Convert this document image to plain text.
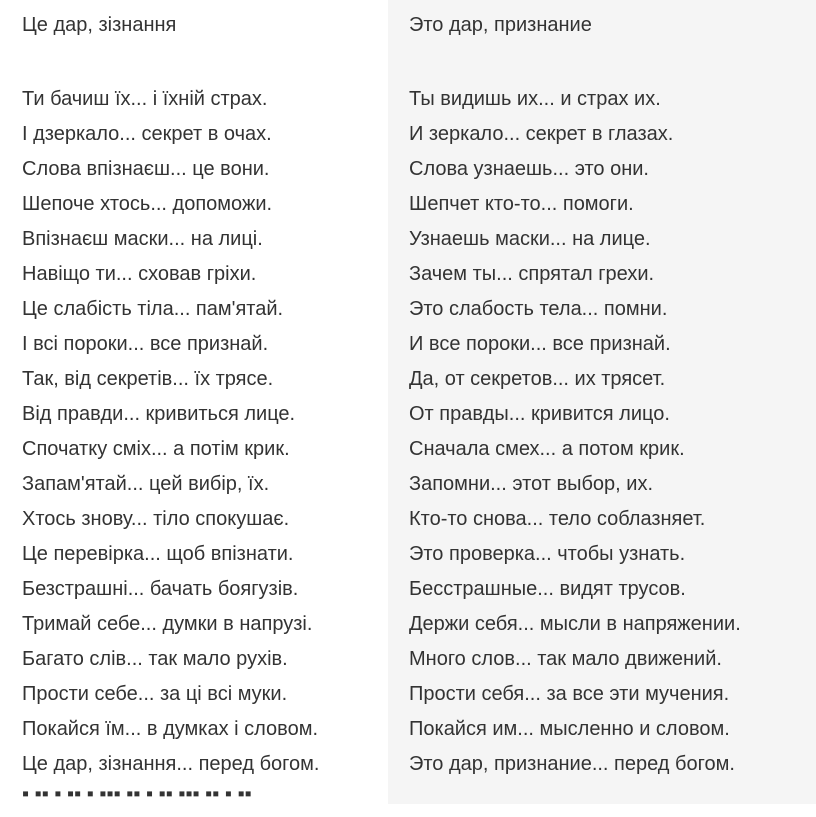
Це дар, зізнання
Ти бачиш їх... і їхній страх.
І дзеркало... секрет в очах.
Слова впізнаєш... це вони.
Шепоче хтось... допоможи.
Впізнаєш маски... на лиці.
Навіщо ти... сховав гріхи.
Це слабість тіла... пам'ятай.
І всі пороки... все признай.
Так, від секретів... їх трясе.
Від правди... кривиться лице.
Спочатку сміх... а потім крик.
Запам'ятай... цей вибір, їх.
Хтось знову... тіло спокушає.
Це перевірка... щоб впізнати.
Безстрашні... бачать боягузів.
Тримай себе... думки в напрузі.
Багато слів... так мало рухів.
Прости себе... за ці всі муки.
Покайся їм... в думках і словом.
Це дар, зізнання... перед богом.
Это дар, признание
Ты видишь их... и страх их.
И зеркало... секрет в глазах.
Слова узнаешь... это они.
Шепчет кто-то... помоги.
Узнаешь маски... на лице.
Зачем ты... спрятал грехи.
Это слабость тела... помни.
И все пороки... все признай.
Да, от секретов... их трясет.
От правды... кривится лицо.
Сначала смех... а потом крик.
Запомни... этот выбор, их.
Кто-то снова... тело соблазняет.
Это проверка... чтобы узнать.
Бесстрашные... видят трусов.
Держи себя... мысли в напряжении.
Много слов... так мало движений.
Прости себя... за все эти мучения.
Покайся им... мысленно и словом.
Это дар, признание... перед богом.
▪ ▪▪ ▪ ▪▪ ▪ ▪▪▪ ▪▪ ▪ ▪▪ ▪▪▪ ▪▪ ▪ ▪▪
